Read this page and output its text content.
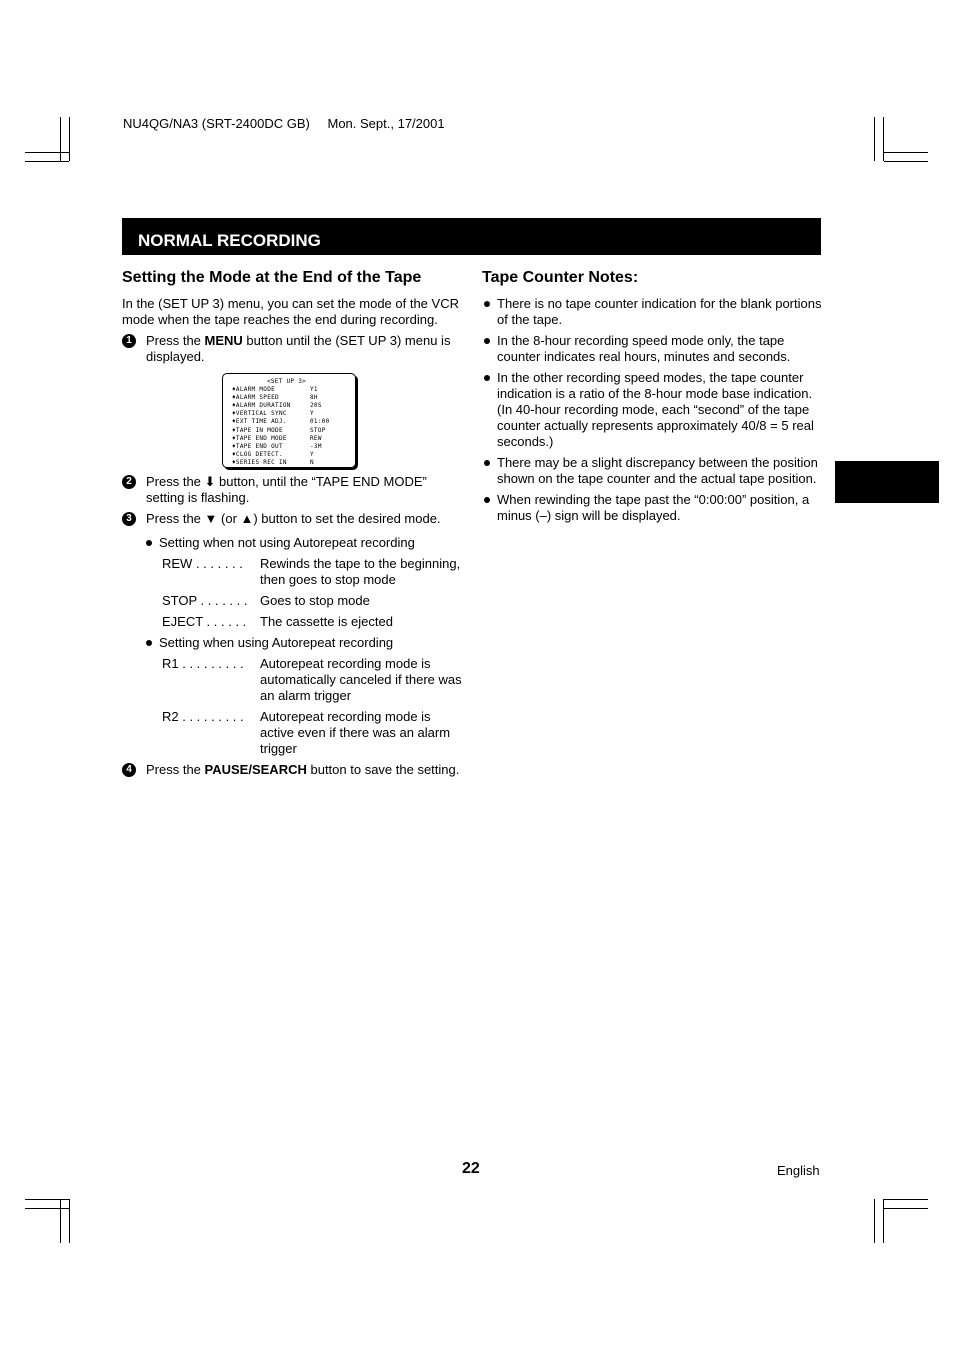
NU4QG/NA3 (SRT-2400DC GB) Mon. Sept., 17/2001
NORMAL RECORDING
Setting the Mode at the End of the Tape

In the (SET UP 3) menu, you can set the mode of the VCR mode when the tape reaches the end during recording.

1	Press the MENU button until the (SET UP 3) menu is displayed.
<SET UP 3>
♦ALARM MODE	Y1
♦ALARM SPEED	8H
♦ALARM DURATION	20S
♦VERTICAL SYNC	Y
♦EXT TIME ADJ.	01:00
♦TAPE IN MODE	STOP
♦TAPE END MODE	REW
♦TAPE END OUT	-3M
♦CLOG DETECT.	Y
♦SERIES REC IN	N
2	Press the ⬇ button, until the “TAPE END MODE” setting is flashing.
3	Press the ▼ (or ▲) button to set the desired mode.
Setting when not using Autorepeat recording
REW . . . . . . .	Rewinds the tape to the beginning, then goes to stop mode
STOP . . . . . . . Goes to stop mode
EJECT . . . . . .	The cassette is ejected
Setting when using Autorepeat recording
R1 . . . . . . . . .	Autorepeat recording mode is automatically canceled if there was an alarm trigger
R2 . . . . . . . . .	Autorepeat recording mode is active even if there was an alarm trigger
4	Press the PAUSE/SEARCH button to save the setting.
Tape Counter Notes:
There is no tape counter indication for the blank portions of the tape.
In the 8-hour recording speed mode only, the tape counter indicates real hours, minutes and seconds.
In the other recording speed modes, the tape counter indication is a ratio of the 8-hour mode base indication. (In 40-hour recording mode, each “second” of the tape counter actually represents approximately 40/8 = 5 real seconds.)
There may be a slight discrepancy between the position shown on the tape counter and the actual tape position.
When rewinding the tape past the “0:00:00” position, a minus (–) sign will be displayed.
22	English
